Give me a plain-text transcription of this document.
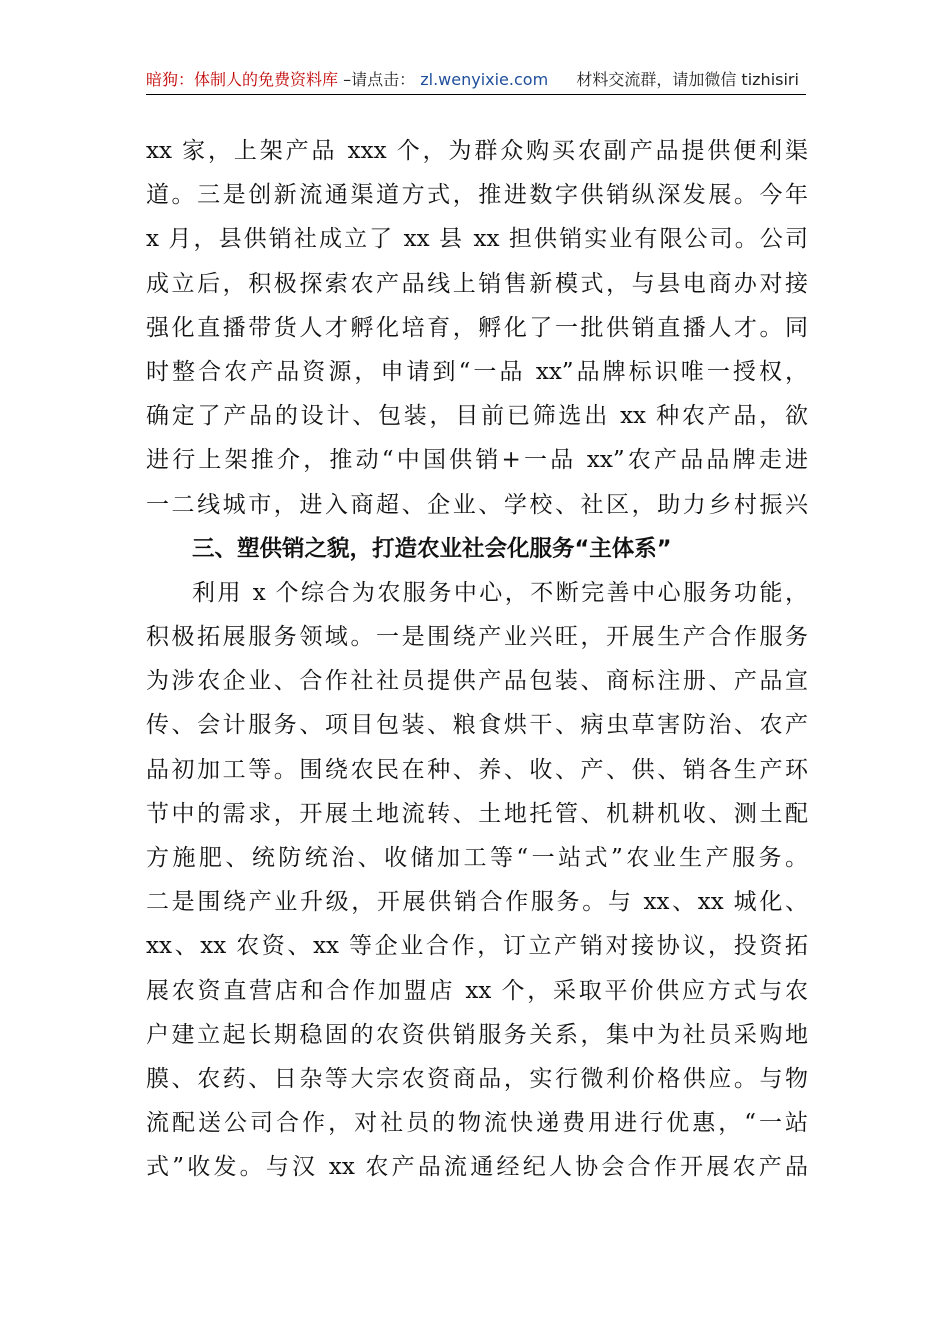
暗狗：体制人的免费资料库 –请点击： zl.wenyixie.com 材料交流群，请加微信 tizhisiri
xx 家，上架产品 xxx 个，为群众购买农副产品提供便利渠
道。三是创新流通渠道方式，推进数字供销纵深发展。今年
x 月，县供销社成立了 xx 县 xx 担供销实业有限公司。公司
成立后，积极探索农产品线上销售新模式，与县电商办对接
强化直播带货人才孵化培育，孵化了一批供销直播人才。同
时整合农产品资源，申请到“一品 xx”品牌标识唯一授权，
确定了产品的设计、包装，目前已筛选出 xx 种农产品，欲
进行上架推介，推动“中国供销+一品 xx”农产品品牌走进
一二线城市，进入商超、企业、学校、社区，助力乡村振兴
三、塑供销之貌，打造农业社会化服务“主体系”
利用 x 个综合为农服务中心，不断完善中心服务功能，
积极拓展服务领域。一是围绕产业兴旺，开展生产合作服务
为涉农企业、合作社社员提供产品包装、商标注册、产品宣
传、会计服务、项目包装、粮食烘干、病虫草害防治、农产
品初加工等。围绕农民在种、养、收、产、供、销各生产环
节中的需求，开展土地流转、土地托管、机耕机收、测土配
方施肥、统防统治、收储加工等“一站式”农业生产服务。
二是围绕产业升级，开展供销合作服务。与 xx、xx 城化、
xx、xx 农资、xx 等企业合作，订立产销对接协议，投资拓
展农资直营店和合作加盟店 xx 个，采取平价供应方式与农
户建立起长期稳固的农资供销服务关系，集中为社员采购地
膜、农药、日杂等大宗农资商品，实行微利价格供应。与物
流配送公司合作，对社员的物流快递费用进行优惠，“一站
式”收发。与汉 xx 农产品流通经纪人协会合作开展农产品
